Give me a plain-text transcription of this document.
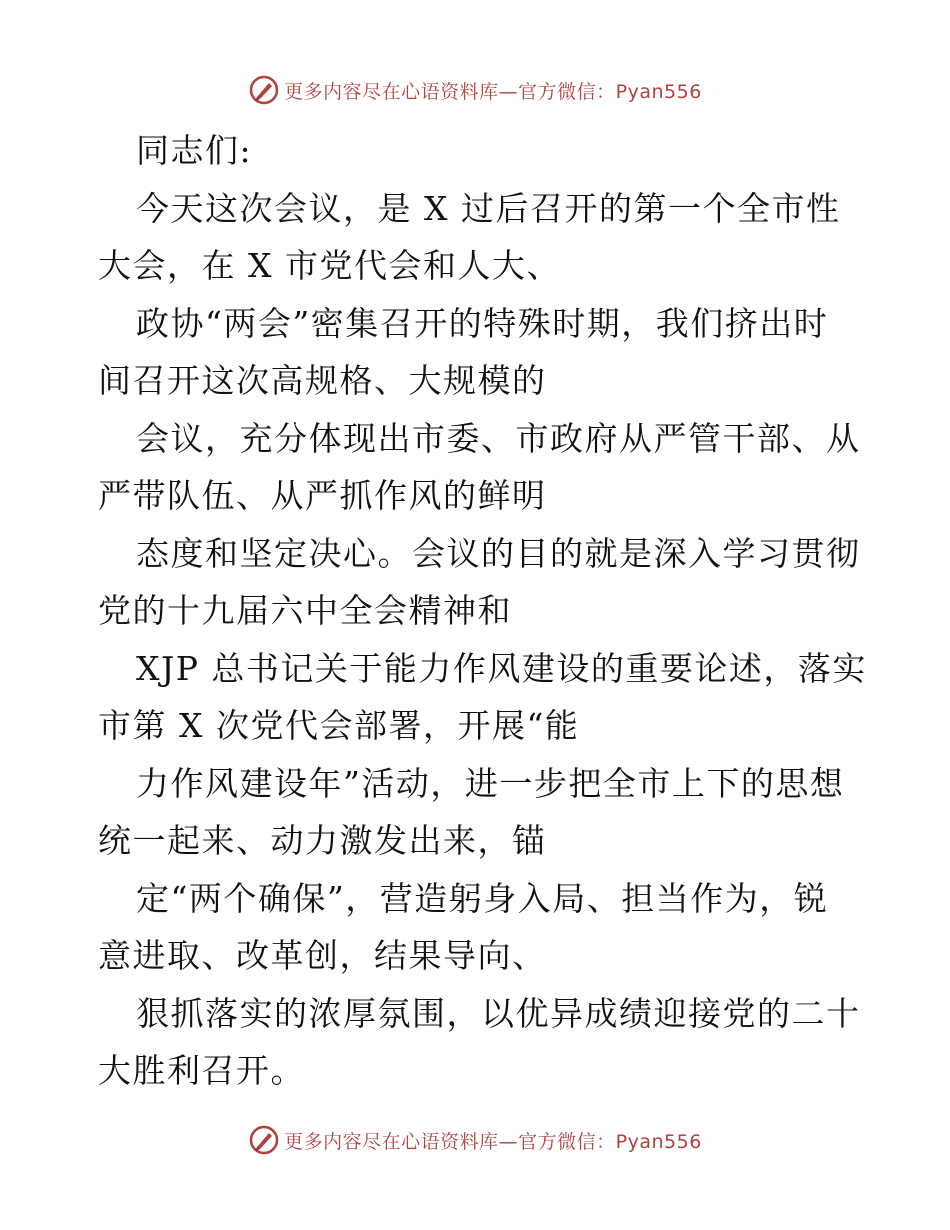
更多内容尽在心语资料库—官方微信：Pyan556
同志们:
今天这次会议，是 X 过后召开的第一个全市性
大会，在 X 市党代会和人大、
政协“两会”密集召开的特殊时期，我们挤出时
间召开这次高规格、大规模的
会议，充分体现出市委、市政府从严管干部、从
严带队伍、从严抓作风的鲜明
态度和坚定决心。会议的目的就是深入学习贯彻
党的十九届六中全会精神和
XJP 总书记关于能力作风建设的重要论述，落实
市第 X 次党代会部署，开展“能
力作风建设年”活动，进一步把全市上下的思想
统一起来、动力激发出来，锚
定“两个确保”，营造躬身入局、担当作为，锐
意进取、改革创，结果导向、
狠抓落实的浓厚氛围，以优异成绩迎接党的二十
大胜利召开。
更多内容尽在心语资料库—官方微信：Pyan556
